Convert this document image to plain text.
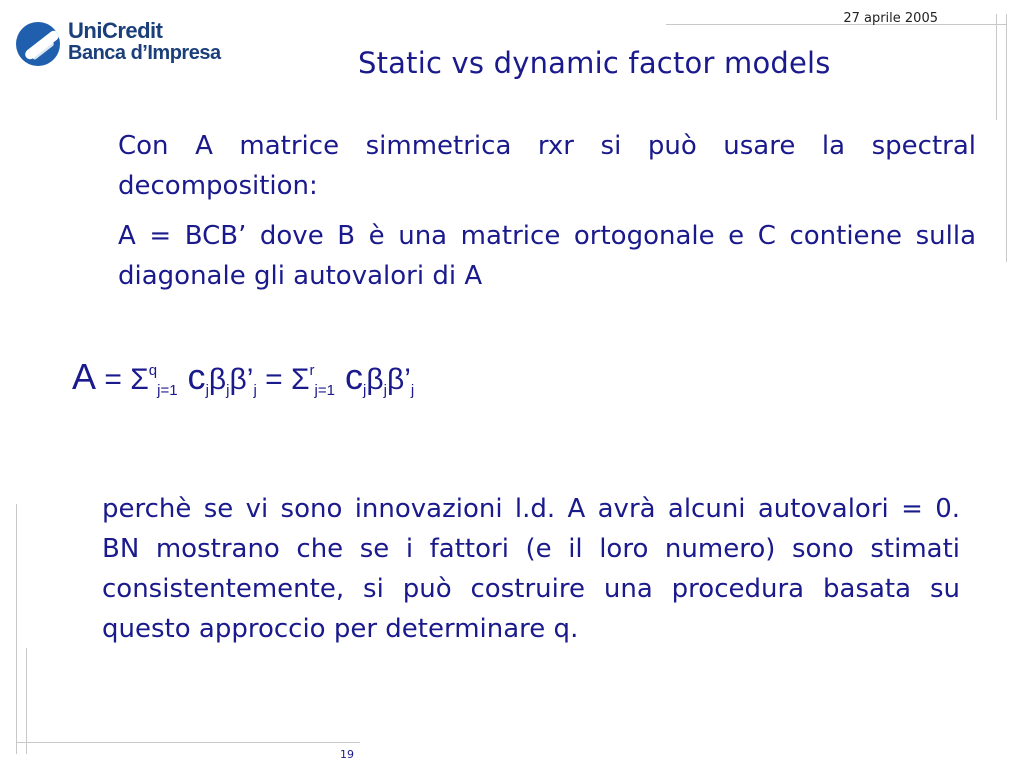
UniCredit
Banca d’Impresa
27 aprile 2005
Static vs dynamic factor models
Con A matrice simmetrica rxr si può usare la spectral decomposition:
A = BCB’ dove B è una matrice ortogonale e C contiene sulla diagonale gli autovalori di A
A = Σqj=1 cjβjβ’j = Σrj=1 cjβjβ’j
perchè se vi sono innovazioni l.d. A avrà alcuni autovalori = 0. BN mostrano che se i fattori (e il loro numero) sono stimati consistentemente, si può costruire una procedura basata su questo approccio per determinare q.
19
